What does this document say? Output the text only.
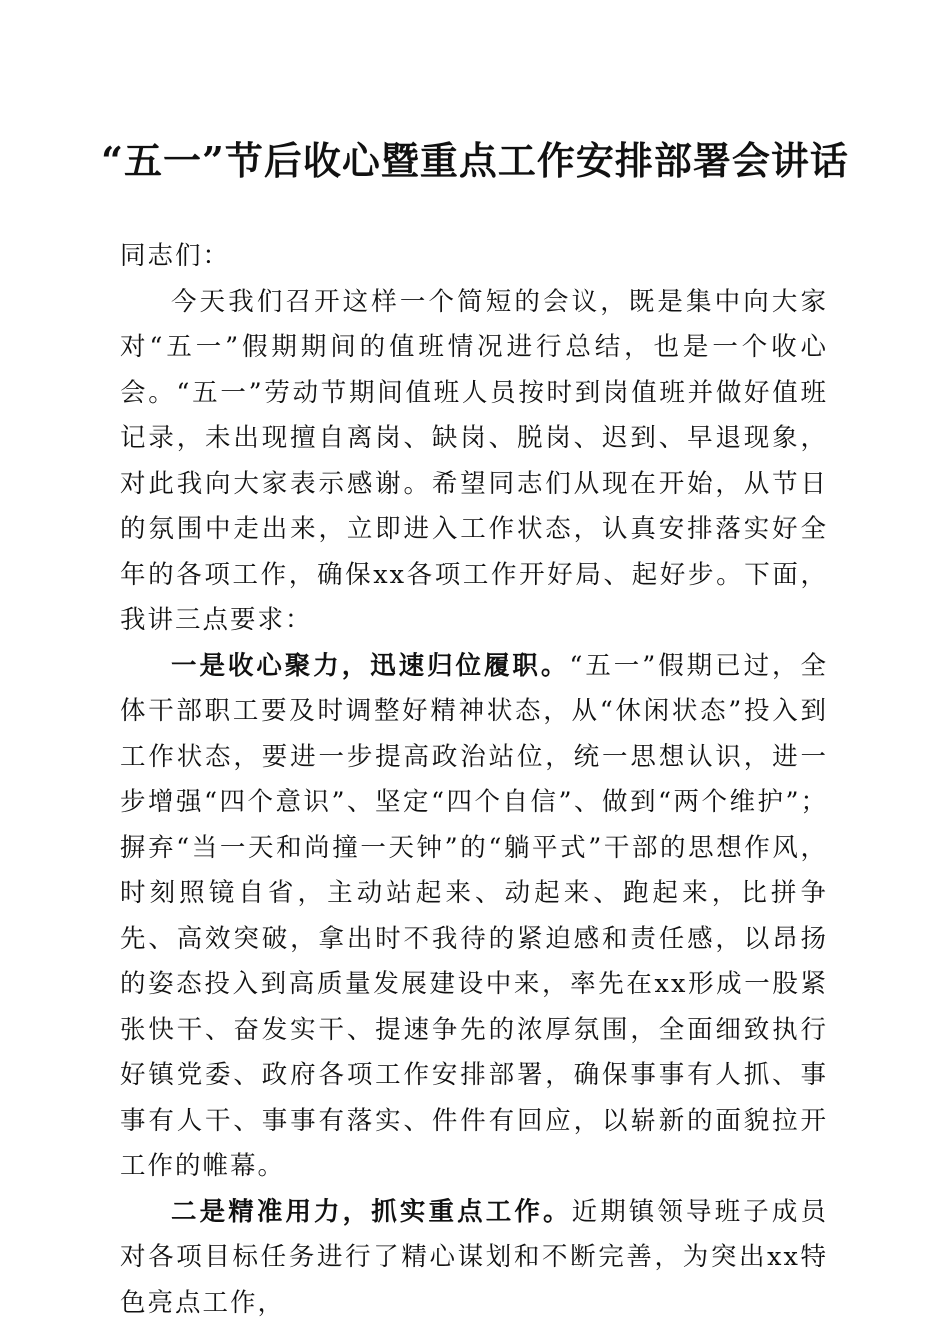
“五一”节后收心暨重点工作安排部署会讲话

同志们：

今天我们召开这样一个简短的会议，既是集中向大家对“五一”假期期间的值班情况进行总结，也是一个收心会。“五一”劳动节期间值班人员按时到岗值班并做好值班记录，未出现擅自离岗、缺岗、脱岗、迟到、早退现象，对此我向大家表示感谢。希望同志们从现在开始，从节日的氛围中走出来，立即进入工作状态，认真安排落实好全年的各项工作，确保xx各项工作开好局、起好步。下面，我讲三点要求：

一是收心聚力，迅速归位履职。“五一”假期已过，全体干部职工要及时调整好精神状态，从“休闲状态”投入到工作状态，要进一步提高政治站位，统一思想认识，进一步增强“四个意识”、坚定“四个自信”、做到“两个维护”；摒弃“当一天和尚撞一天钟”的“躺平式”干部的思想作风，时刻照镜自省，主动站起来、动起来、跑起来，比拼争先、高效突破，拿出时不我待的紧迫感和责任感，以昂扬的姿态投入到高质量发展建设中来，率先在xx形成一股紧张快干、奋发实干、提速争先的浓厚氛围，全面细致执行好镇党委、政府各项工作安排部署，确保事事有人抓、事事有人干、事事有落实、件件有回应，以崭新的面貌拉开工作的帷幕。

二是精准用力，抓实重点工作。近期镇领导班子成员对各项目标任务进行了精心谋划和不断完善，为突出xx特色亮点工作，
